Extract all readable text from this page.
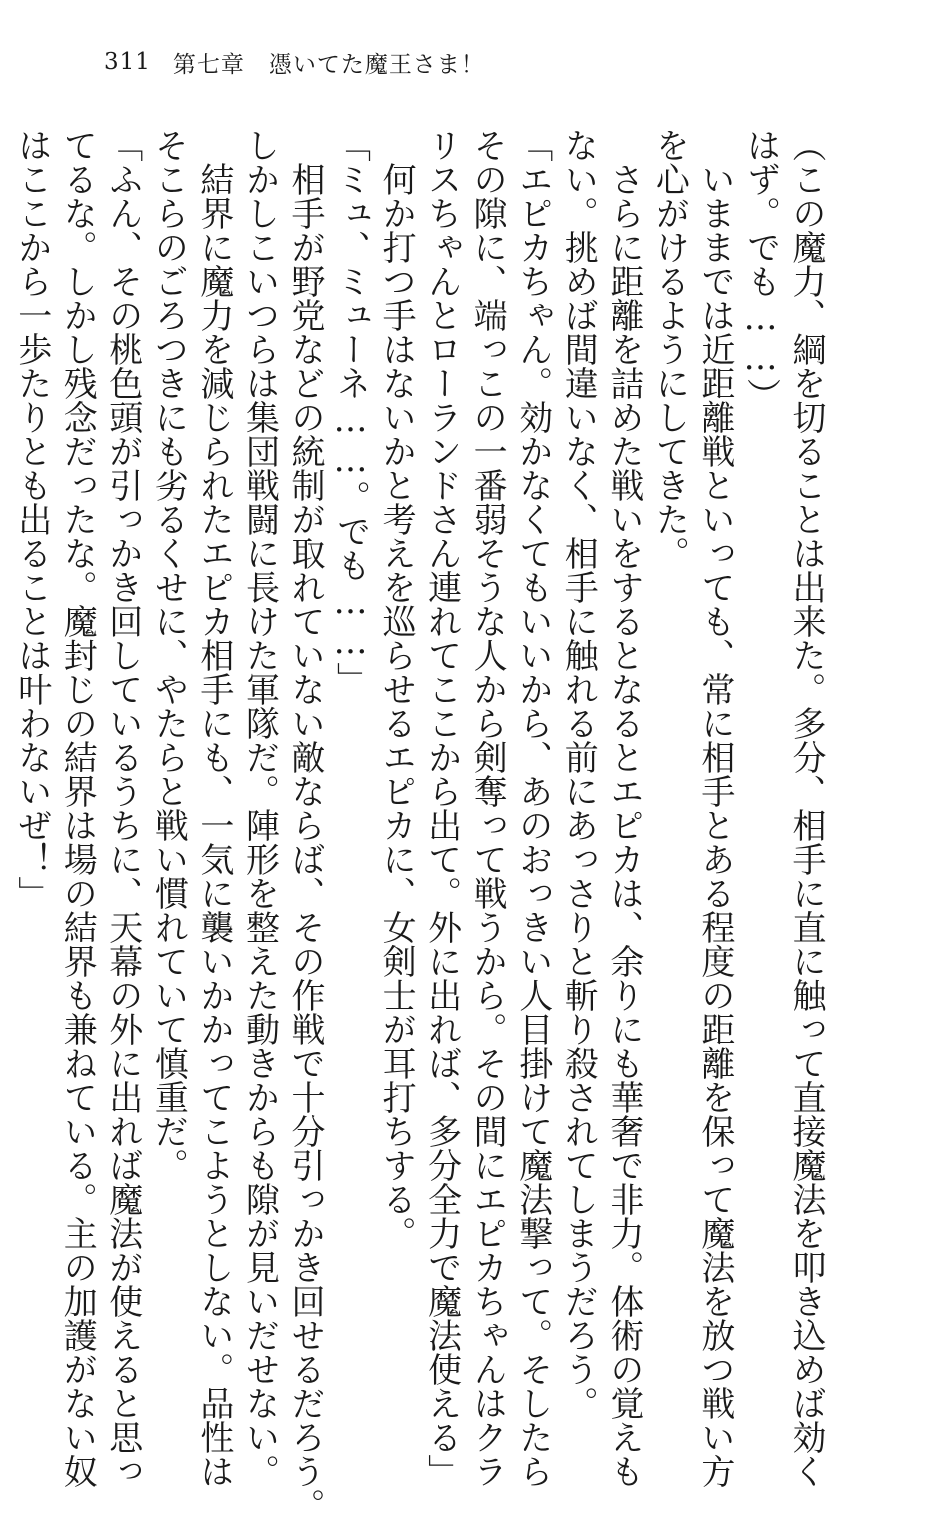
311 第七章　憑いてた魔王さま！

（この魔力、綱を切ることは出来た。多分、相手に直に触って直接魔法を叩き込めば効く

はず。でも……）

　いままでは近距離戦といっても、常に相手とある程度の距離を保って魔法を放つ戦い方

を心がけるようにしてきた。

　さらに距離を詰めた戦いをするとなるとエピカは、余りにも華奢で非力。体術の覚えも

ない。挑めば間違いなく、相手に触れる前にあっさりと斬り殺されてしまうだろう。

「エピカちゃん。効かなくてもいいから、あのおっきい人目掛けて魔法撃って。そしたら

その隙に、端っこの一番弱そうな人から剣奪って戦うから。その間にエピカちゃんはクラ

リスちゃんとローランドさん連れてここから出て。外に出れば、多分全力で魔法使える」

　何か打つ手はないかと考えを巡らせるエピカに、女剣士が耳打ちする。

「ミュ、ミューネ……。でも……」

　相手が野党などの統制が取れていない敵ならば、その作戦で十分引っかき回せるだろう。

しかしこいつらは集団戦闘に長けた軍隊だ。陣形を整えた動きからも隙が見いだせない。

　結界に魔力を減じられたエピカ相手にも、一気に襲いかかってこようとしない。品性は

そこらのごろつきにも劣るくせに、やたらと戦い慣れていて慎重だ。

「ふん、その桃色頭が引っかき回しているうちに、天幕の外に出れば魔法が使えると思っ

てるな。しかし残念だったな。魔封じの結界は場の結界も兼ねている。主の加護がない奴

はここから一歩たりとも出ることは叶わないぜ！」
